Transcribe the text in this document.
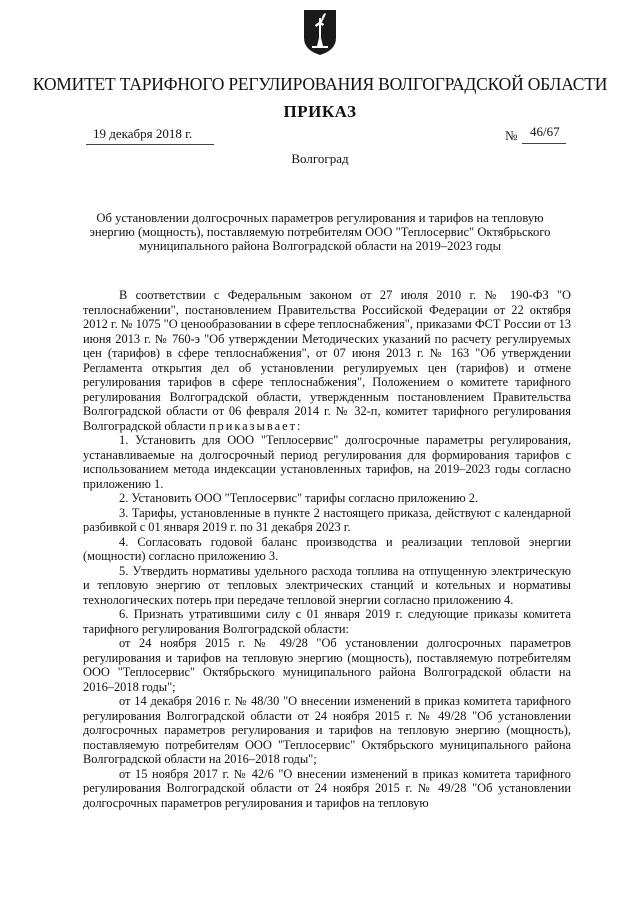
КОМИТЕТ ТАРИФНОГО РЕГУЛИРОВАНИЯ ВОЛГОГРАДСКОЙ ОБЛАСТИ
ПРИКАЗ
19 декабря 2018 г.	№ 46/67
Волгоград
Об установлении долгосрочных параметров регулирования и тарифов на тепловую
энергию (мощность), поставляемую потребителям ООО "Теплосервис" Октябрьского
муниципального района Волгоградской области на 2019–2023 годы

В соответствии с Федеральным законом от 27 июля 2010 г. № 190-ФЗ "О теплоснабжении", постановлением Правительства Российской Федерации от 22 октября 2012 г. № 1075 "О ценообразовании в сфере теплоснабжения", приказами ФСТ России от 13 июня 2013 г. № 760-э "Об утверждении Методических указаний по расчету регулируемых цен (тарифов) в сфере теплоснабжения", от 07 июня 2013 г. № 163 "Об утверждении Регламента открытия дел об установлении регулируемых цен (тарифов) и отмене регулирования тарифов в сфере теплоснабжения", Положением о комитете тарифного регулирования Волгоградской области, утвержденным постановлением Правительства Волгоградской области от 06 февраля 2014 г. № 32-п, комитет тарифного регулирования Волгоградской области приказывает:

1. Установить для ООО "Теплосервис" долгосрочные параметры регулирования, устанавливаемые на долгосрочный период регулирования для формирования тарифов с использованием метода индексации установленных тарифов, на 2019–2023 годы согласно приложению 1.

2. Установить ООО "Теплосервис" тарифы согласно приложению 2.

3. Тарифы, установленные в пункте 2 настоящего приказа, действуют с календарной разбивкой с 01 января 2019 г. по 31 декабря 2023 г.

4. Согласовать годовой баланс производства и реализации тепловой энергии (мощности) согласно приложению 3.

5. Утвердить нормативы удельного расхода топлива на отпущенную электрическую и тепловую энергию от тепловых электрических станций и котельных и нормативы технологических потерь при передаче тепловой энергии согласно приложению 4.

6. Признать утратившими силу с 01 января 2019 г. следующие приказы комитета тарифного регулирования Волгоградской области:

от 24 ноября 2015 г. № 49/28 "Об установлении долгосрочных параметров регулирования и тарифов на тепловую энергию (мощность), поставляемую потребителям ООО "Теплосервис" Октябрьского муниципального района Волгоградской области на 2016–2018 годы";

от 14 декабря 2016 г. № 48/30 "О внесении изменений в приказ комитета тарифного регулирования Волгоградской области от 24 ноября 2015 г. № 49/28 "Об установлении долгосрочных параметров регулирования и тарифов на тепловую энергию (мощность), поставляемую потребителям ООО "Теплосервис" Октябрьского муниципального района Волгоградской области на 2016–2018 годы";

от 15 ноября 2017 г. № 42/6 "О внесении изменений в приказ комитета тарифного регулирования Волгоградской области от 24 ноября 2015 г. № 49/28 "Об установлении долгосрочных параметров регулирования и тарифов на тепловую
